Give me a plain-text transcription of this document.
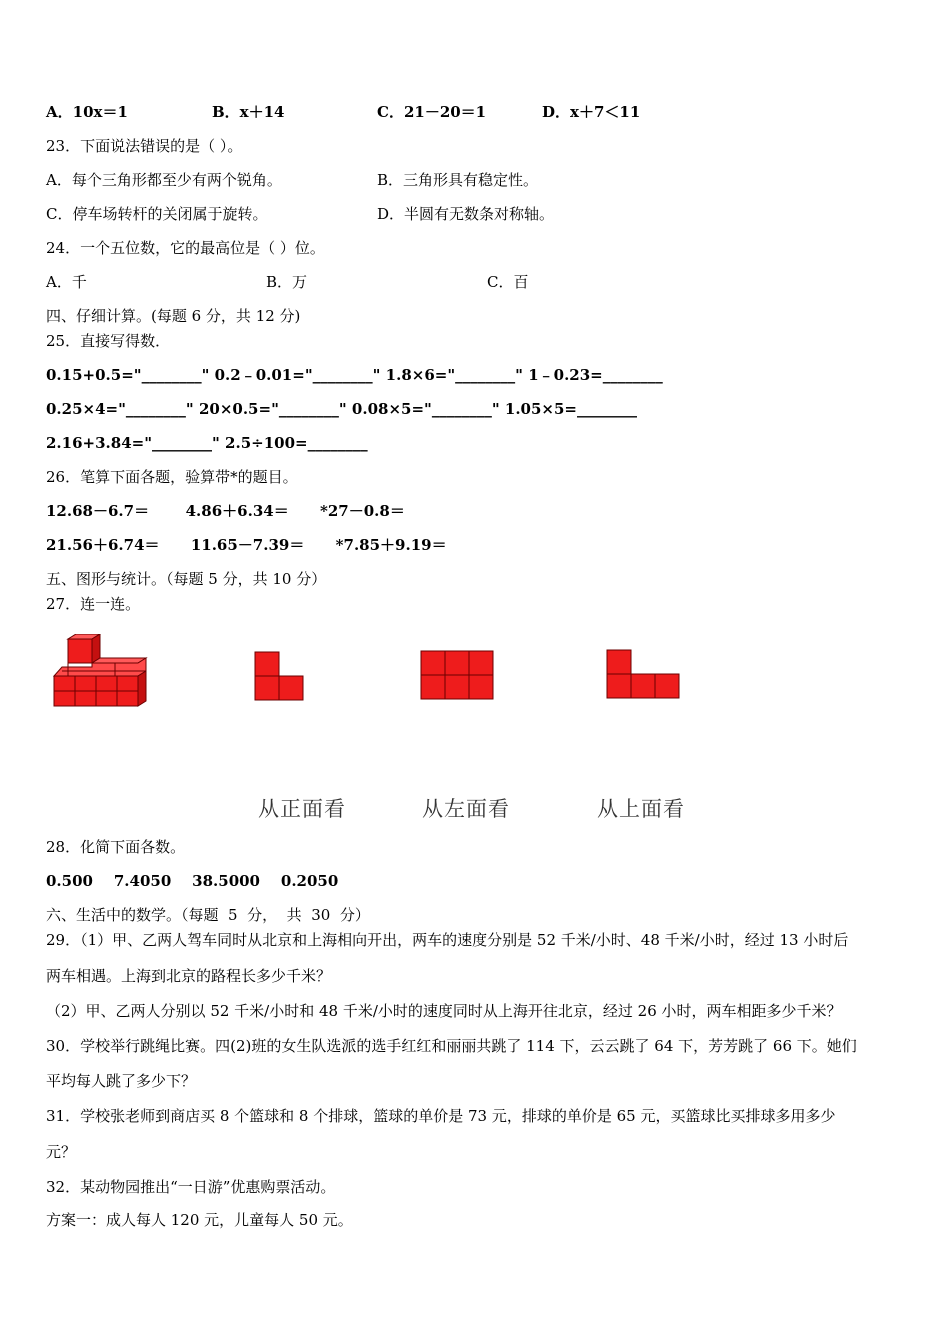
A．10x＝1	B．x＋14	C．21－20＝1	D．x＋7＜11
23．下面说法错误的是（ ）。
A．每个三角形都至少有两个锐角。	B．三角形具有稳定性。
C．停车场转杆的关闭属于旋转。	D．半圆有无数条对称轴。
24．一个五位数，它的最高位是（ ）位。
A．千	B．万	C．百
四、仔细计算。(每题 6 分，共 12 分)
25．直接写得数．
0.15+0.5="________" 0.2﹣0.01="________" 1.8×6="________" 1﹣0.23=________
0.25×4="________" 20×0.5="________" 0.08×5="________" 1.05×5=________
2.16+3.84="________" 2.5÷100=________
26．笔算下面各题，验算带*的题目。
12.68－6.7＝       4.86＋6.34＝      *27－0.8＝
21.56＋6.74＝      11.65－7.39＝      *7.85＋9.19＝
五、图形与统计。（每题 5 分，共 10 分）
27．连一连。
从正面看	从左面看	从上面看
28．化简下面各数。
0.500    7.4050    38.5000    0.2050
六、生活中的数学。（每题  5  分，  共  30  分）
29．（1）甲、乙两人驾车同时从北京和上海相向开出，两车的速度分别是 52 千米/小时、48 千米/小时，经过 13 小时后
两车相遇。上海到北京的路程长多少千米？
（2）甲、乙两人分别以 52 千米/小时和 48 千米/小时的速度同时从上海开往北京，经过 26 小时，两车相距多少千米？
30．学校举行跳绳比赛。四(2)班的女生队选派的选手红红和丽丽共跳了 114 下，云云跳了 64 下，芳芳跳了 66 下。她们
平均每人跳了多少下？
31．学校张老师到商店买 8 个篮球和 8 个排球，篮球的单价是 73 元，排球的单价是 65 元，买篮球比买排球多用多少
元？
32．某动物园推出“一日游”优惠购票活动。
方案一：成人每人 120 元，儿童每人 50 元。
